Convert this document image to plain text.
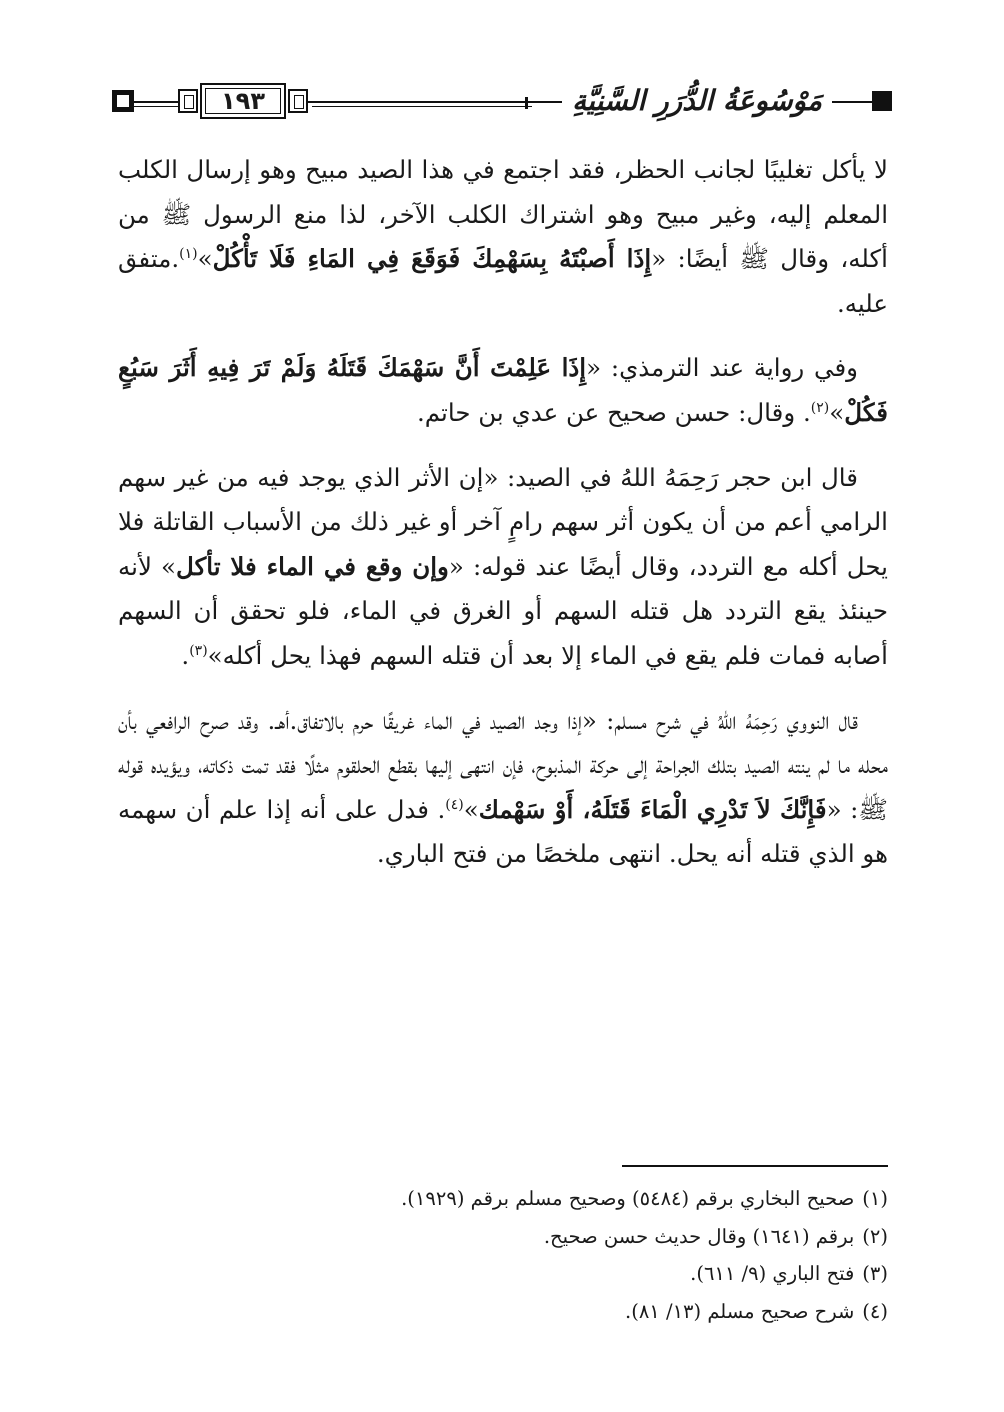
١٩٣	مَوْسُوعَةُ الدُّرَرِ السَّنِيَّةِ

لا يأكل تغليبًا لجانب الحظر، فقد اجتمع في هذا الصيد مبيح وهو إرسال الكلب المعلم إليه، وغير مبيح وهو اشتراك الكلب الآخر، لذا منع الرسول ﷺ من أكله، وقال ﷺ أيضًا: «إِذَا أَصبْتَهُ بِسَهْمِكَ فَوَقَعَ فِي المَاءِ فَلَا تَأْكُلْ»$^{(١)}$.متفق عليه.

وفي رواية عند الترمذي: «إِذَا عَلِمْتَ أَنَّ سَهْمَكَ قَتَلَهُ وَلَمْ تَرَ فِيهِ أَثَرَ سَبُعٍ فَكُلْ»$^{(٢)}$. وقال: حسن صحيح عن عدي بن حاتم.

قال ابن حجر رَحِمَهُ اللهُ في الصيد: «إن الأثر الذي يوجد فيه من غير سهم الرامي أعم من أن يكون أثر سهم رامٍ آخر أو غير ذلك من الأسباب القاتلة فلا يحل أكله مع التردد، وقال أيضًا عند قوله: «وإن وقع في الماء فلا تأكل» لأنه حينئذ يقع التردد هل قتله السهم أو الغرق في الماء، فلو تحقق أن السهم أصابه فمات فلم يقع في الماء إلا بعد أن قتله السهم فهذا يحل أكله»$^{(٣)}$.

قال النووي رَحِمَهُ اللهُ في شرح مسلم: «إذا وجد الصيد في الماء غريقًا حرم بالاتفاق.أهـ. وقد صرح الرافعي بأن محله ما لم ينته الصيد بتلك الجراحة إلى حركة المذبوح، فإن انتهى إليها بقطع الحلقوم مثلًا فقد تمت ذكاته، ويؤيده قوله ﷺ: «فَإِنَّكَ لاَ تَدْرِي الْمَاءَ قَتَلَهُ، أَوْ سَهْمك»$^{(٤)}$. فدل على أنه إذا علم أن سهمه هو الذي قتله أنه يحل. انتهى ملخصًا من فتح الباري.

(١)صحيح البخاري برقم (٥٤٨٤) وصحيح مسلم برقم (١٩٢٩).
(٢)برقم (١٦٤١) وقال حديث حسن صحيح.
(٣)فتح الباري (٩/ ٦١١).
(٤)شرح صحيح مسلم (١٣/ ٨١).
